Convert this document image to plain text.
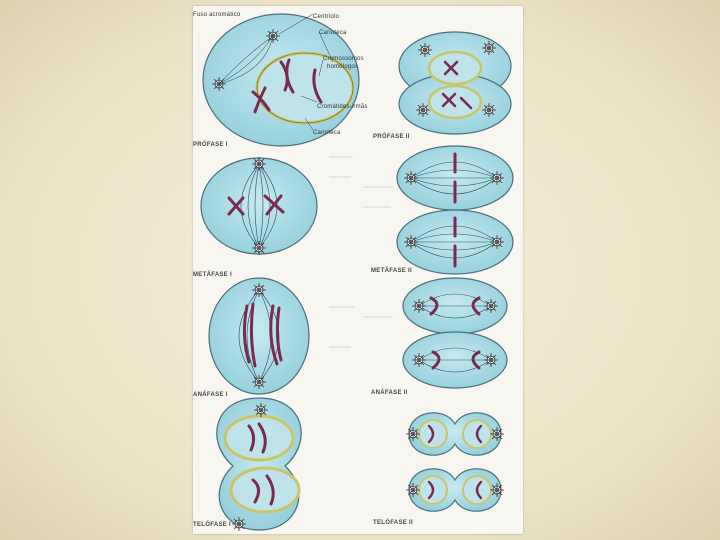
Fuso acromático	Centríolo
Carioteca
Cromossomos
homólogos
Cromátides-irmãs
Carioteca
PRÓFASE I
METÁFASE I
ANÁFASE I
TELÓFASE I
PRÓFASE II
METÁFASE II
ANÁFASE II
TELÓFASE II
